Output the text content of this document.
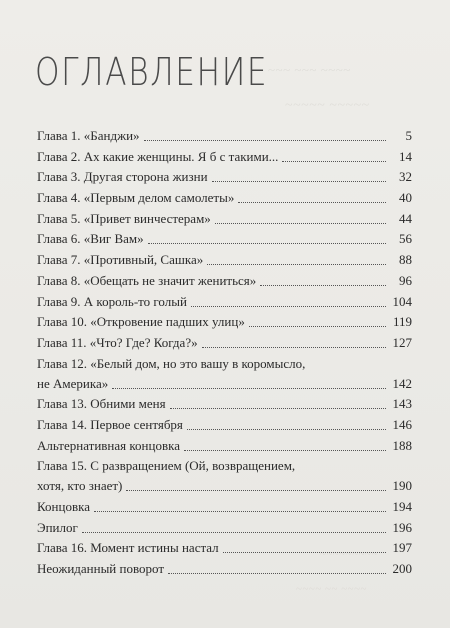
~~~ ~~~ ~~~~
~~~~~ ~~~~~
~~~~~~~~~
~~~~ ~~ ~~~~
ОГЛАВЛЕНИЕ
Глава 1. «Банджи»	5
Глава 2. Ах какие женщины. Я б с такими...	14
Глава 3. Другая сторона жизни	32
Глава 4. «Первым делом самолеты»	40
Глава 5. «Привет винчестерам»	44
Глава 6. «Виг Вам»	56
Глава 7. «Противный, Сашка»	88
Глава 8. «Обещать не значит жениться»	96
Глава 9. А король-то голый	104
Глава 10. «Откровение падших улиц»	119
Глава 11. «Что? Где? Когда?»	127
Глава 12. «Белый дом, но это вашу в коромысло,
не Америка»	142
Глава 13. Обними меня	143
Глава 14. Первое сентября	146
Альтернативная концовка	188
Глава 15. С развращением (Ой, возвращением,
хотя, кто знает)	190
Концовка	194
Эпилог	196
Глава 16. Момент истины настал	197
Неожиданный поворот	200
